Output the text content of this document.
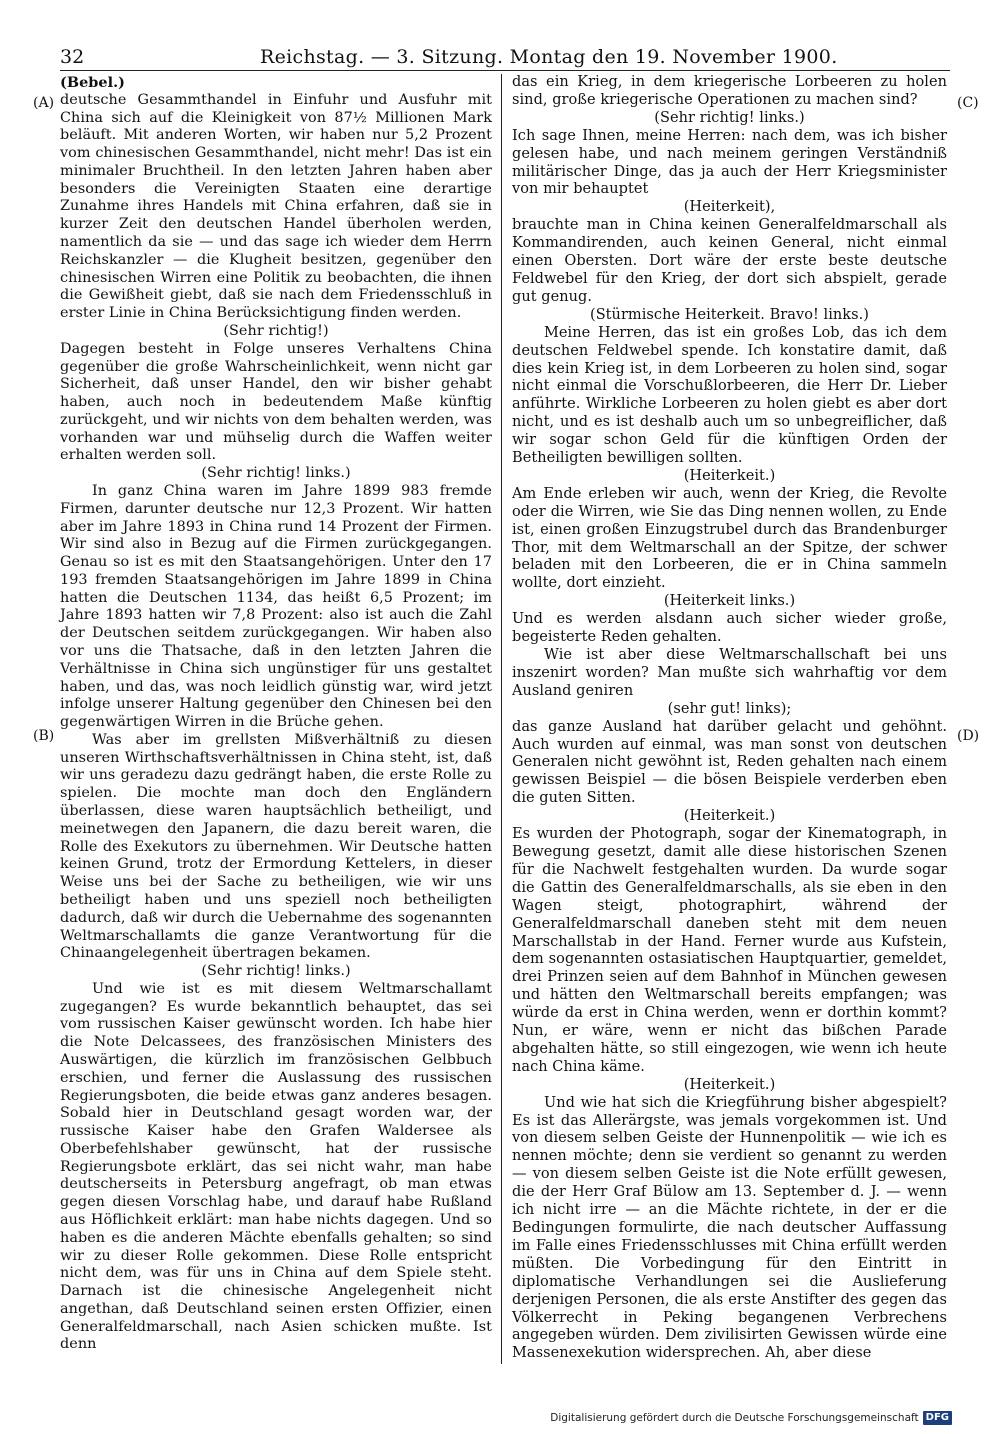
32	Reichstag. — 3. Sitzung. Montag den 19. November 1900.
(A)
(B)
(C)
(D)

(Bebel.)

deutsche Gesammthandel in Einfuhr und Ausfuhr mit China sich auf die Kleinigkeit von 87½ Millionen Mark beläuft. Mit anderen Worten, wir haben nur 5,2 Prozent vom chinesischen Gesammthandel, nicht mehr! Das ist ein minimaler Bruchtheil. In den letzten Jahren haben aber besonders die Vereinigten Staaten eine derartige Zunahme ihres Handels mit China erfahren, daß sie in kurzer Zeit den deutschen Handel überholen werden, namentlich da sie — und das sage ich wieder dem Herrn Reichskanzler — die Klugheit besitzen, gegenüber den chinesischen Wirren eine Politik zu beobachten, die ihnen die Gewißheit giebt, daß sie nach dem Friedensschluß in erster Linie in China Berücksichtigung finden werden.

(Sehr richtig!)

Dagegen besteht in Folge unseres Verhaltens China gegenüber die große Wahrscheinlichkeit, wenn nicht gar Sicherheit, daß unser Handel, den wir bisher gehabt haben, auch noch in bedeutendem Maße künftig zurückgeht, und wir nichts von dem behalten werden, was vorhanden war und mühselig durch die Waffen weiter erhalten werden soll.

(Sehr richtig! links.)

In ganz China waren im Jahre 1899 983 fremde Firmen, darunter deutsche nur 12,3 Prozent. Wir hatten aber im Jahre 1893 in China rund 14 Prozent der Firmen. Wir sind also in Bezug auf die Firmen zurückgegangen. Genau so ist es mit den Staatsangehörigen. Unter den 17 193 fremden Staatsangehörigen im Jahre 1899 in China hatten die Deutschen 1134, das heißt 6,5 Prozent; im Jahre 1893 hatten wir 7,8 Prozent: also ist auch die Zahl der Deutschen seitdem zurückgegangen. Wir haben also vor uns die Thatsache, daß in den letzten Jahren die Verhältnisse in China sich ungünstiger für uns gestaltet haben, und das, was noch leidlich günstig war, wird jetzt infolge unserer Haltung gegenüber den Chinesen bei den gegenwärtigen Wirren in die Brüche gehen.

Was aber im grellsten Mißverhältniß zu diesen unseren Wirthschaftsverhältnissen in China steht, ist, daß wir uns geradezu dazu gedrängt haben, die erste Rolle zu spielen. Die mochte man doch den Engländern überlassen, diese waren hauptsächlich betheiligt, und meinetwegen den Japanern, die dazu bereit waren, die Rolle des Exekutors zu übernehmen. Wir Deutsche hatten keinen Grund, trotz der Ermordung Kettelers, in dieser Weise uns bei der Sache zu betheiligen, wie wir uns betheiligt haben und uns speziell noch betheiligten dadurch, daß wir durch die Uebernahme des sogenannten Weltmarschallamts die ganze Verantwortung für die Chinaangelegenheit übertragen bekamen.

(Sehr richtig! links.)

Und wie ist es mit diesem Weltmarschallamt zugegangen? Es wurde bekanntlich behauptet, das sei vom russischen Kaiser gewünscht worden. Ich habe hier die Note Delcassees, des französischen Ministers des Auswärtigen, die kürzlich im französischen Gelbbuch erschien, und ferner die Auslassung des russischen Regierungsboten, die beide etwas ganz anderes besagen. Sobald hier in Deutschland gesagt worden war, der russische Kaiser habe den Grafen Waldersee als Oberbefehlshaber gewünscht, hat der russische Regierungsbote erklärt, das sei nicht wahr, man habe deutscherseits in Petersburg angefragt, ob man etwas gegen diesen Vorschlag habe, und darauf habe Rußland aus Höflichkeit erklärt: man habe nichts dagegen. Und so haben es die anderen Mächte ebenfalls gehalten; so sind wir zu dieser Rolle gekommen. Diese Rolle entspricht nicht dem, was für uns in China auf dem Spiele steht. Darnach ist die chinesische Angelegenheit nicht angethan, daß Deutschland seinen ersten Offizier, einen Generalfeldmarschall, nach Asien schicken mußte. Ist denn

das ein Krieg, in dem kriegerische Lorbeeren zu holen sind, große kriegerische Operationen zu machen sind?

(Sehr richtig! links.)

Ich sage Ihnen, meine Herren: nach dem, was ich bisher gelesen habe, und nach meinem geringen Verständniß militärischer Dinge, das ja auch der Herr Kriegsminister von mir behauptet

(Heiterkeit),

brauchte man in China keinen Generalfeldmarschall als Kommandirenden, auch keinen General, nicht einmal einen Obersten. Dort wäre der erste beste deutsche Feldwebel für den Krieg, der dort sich abspielt, gerade gut genug.

(Stürmische Heiterkeit. Bravo! links.)

Meine Herren, das ist ein großes Lob, das ich dem deutschen Feldwebel spende. Ich konstatire damit, daß dies kein Krieg ist, in dem Lorbeeren zu holen sind, sogar nicht einmal die Vorschußlorbeeren, die Herr Dr. Lieber anführte. Wirkliche Lorbeeren zu holen giebt es aber dort nicht, und es ist deshalb auch um so unbegreiflicher, daß wir sogar schon Geld für die künftigen Orden der Betheiligten bewilligen sollten.

(Heiterkeit.)

Am Ende erleben wir auch, wenn der Krieg, die Revolte oder die Wirren, wie Sie das Ding nennen wollen, zu Ende ist, einen großen Einzugstrubel durch das Brandenburger Thor, mit dem Weltmarschall an der Spitze, der schwer beladen mit den Lorbeeren, die er in China sammeln wollte, dort einzieht.

(Heiterkeit links.)

Und es werden alsdann auch sicher wieder große, begeisterte Reden gehalten.

Wie ist aber diese Weltmarschallschaft bei uns inszenirt worden? Man mußte sich wahrhaftig vor dem Ausland geniren

(sehr gut! links);

das ganze Ausland hat darüber gelacht und gehöhnt. Auch wurden auf einmal, was man sonst von deutschen Generalen nicht gewöhnt ist, Reden gehalten nach einem gewissen Beispiel — die bösen Beispiele verderben eben die guten Sitten.

(Heiterkeit.)

Es wurden der Photograph, sogar der Kinematograph, in Bewegung gesetzt, damit alle diese historischen Szenen für die Nachwelt festgehalten wurden. Da wurde sogar die Gattin des Generalfeldmarschalls, als sie eben in den Wagen steigt, photographirt, während der Generalfeldmarschall daneben steht mit dem neuen Marschallstab in der Hand. Ferner wurde aus Kufstein, dem sogenannten ostasiatischen Hauptquartier, gemeldet, drei Prinzen seien auf dem Bahnhof in München gewesen und hätten den Weltmarschall bereits empfangen; was würde da erst in China werden, wenn er dorthin kommt? Nun, er wäre, wenn er nicht das bißchen Parade abgehalten hätte, so still eingezogen, wie wenn ich heute nach China käme.

(Heiterkeit.)

Und wie hat sich die Kriegführung bisher abgespielt? Es ist das Allerärgste, was jemals vorgekommen ist. Und von diesem selben Geiste der Hunnenpolitik — wie ich es nennen möchte; denn sie verdient so genannt zu werden — von diesem selben Geiste ist die Note erfüllt gewesen, die der Herr Graf Bülow am 13. September d. J. — wenn ich nicht irre — an die Mächte richtete, in der er die Bedingungen formulirte, die nach deutscher Auffassung im Falle eines Friedensschlusses mit China erfüllt werden müßten. Die Vorbedingung für den Eintritt in diplomatische Verhandlungen sei die Auslieferung derjenigen Personen, die als erste Anstifter des gegen das Völkerrecht in Peking begangenen Verbrechens angegeben würden. Dem zivilisirten Gewissen würde eine Massenexekution widersprechen. Ah, aber diese

Digitalisierung gefördert durch die Deutsche Forschungsgemeinschaft DFG
